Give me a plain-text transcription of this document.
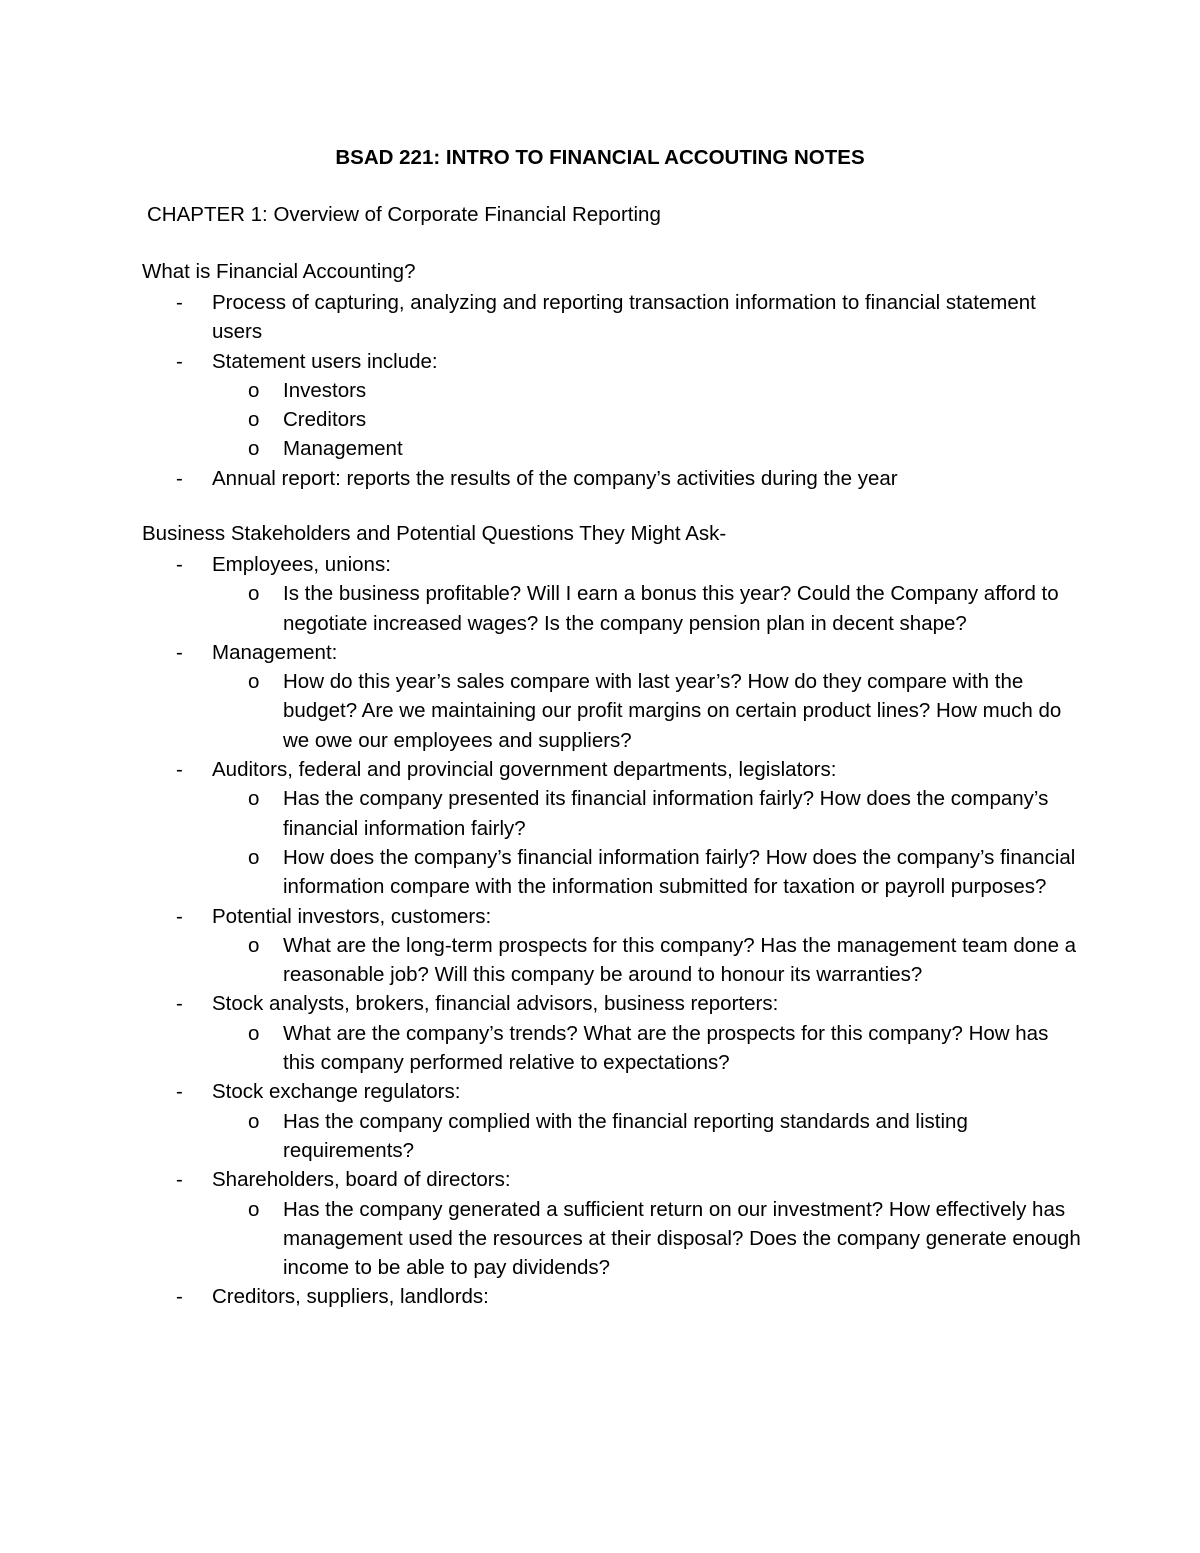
BSAD 221: INTRO TO FINANCIAL ACCOUTING NOTES
CHAPTER 1: Overview of Corporate Financial Reporting
What is Financial Accounting?
- Process of capturing, analyzing and reporting transaction information to financial statement users
- Statement users include:
o Investors
o Creditors
o Management
- Annual report: reports the results of the company’s activities during the year
Business Stakeholders and Potential Questions They Might Ask-
- Employees, unions:
o Is the business profitable? Will I earn a bonus this year? Could the Company afford to negotiate increased wages? Is the company pension plan in decent shape?
- Management:
o How do this year’s sales compare with last year’s? How do they compare with the budget? Are we maintaining our profit margins on certain product lines? How much do we owe our employees and suppliers?
- Auditors, federal and provincial government departments, legislators:
o Has the company presented its financial information fairly? How does the company’s financial information fairly?
o How does the company’s financial information fairly? How does the company’s financial information compare with the information submitted for taxation or payroll purposes?
- Potential investors, customers:
o What are the long-term prospects for this company? Has the management team done a reasonable job? Will this company be around to honour its warranties?
- Stock analysts, brokers, financial advisors, business reporters:
o What are the company’s trends? What are the prospects for this company? How has this company performed relative to expectations?
- Stock exchange regulators:
o Has the company complied with the financial reporting standards and listing requirements?
- Shareholders, board of directors:
o Has the company generated a sufficient return on our investment? How effectively has management used the resources at their disposal? Does the company generate enough income to be able to pay dividends?
- Creditors, suppliers, landlords:
